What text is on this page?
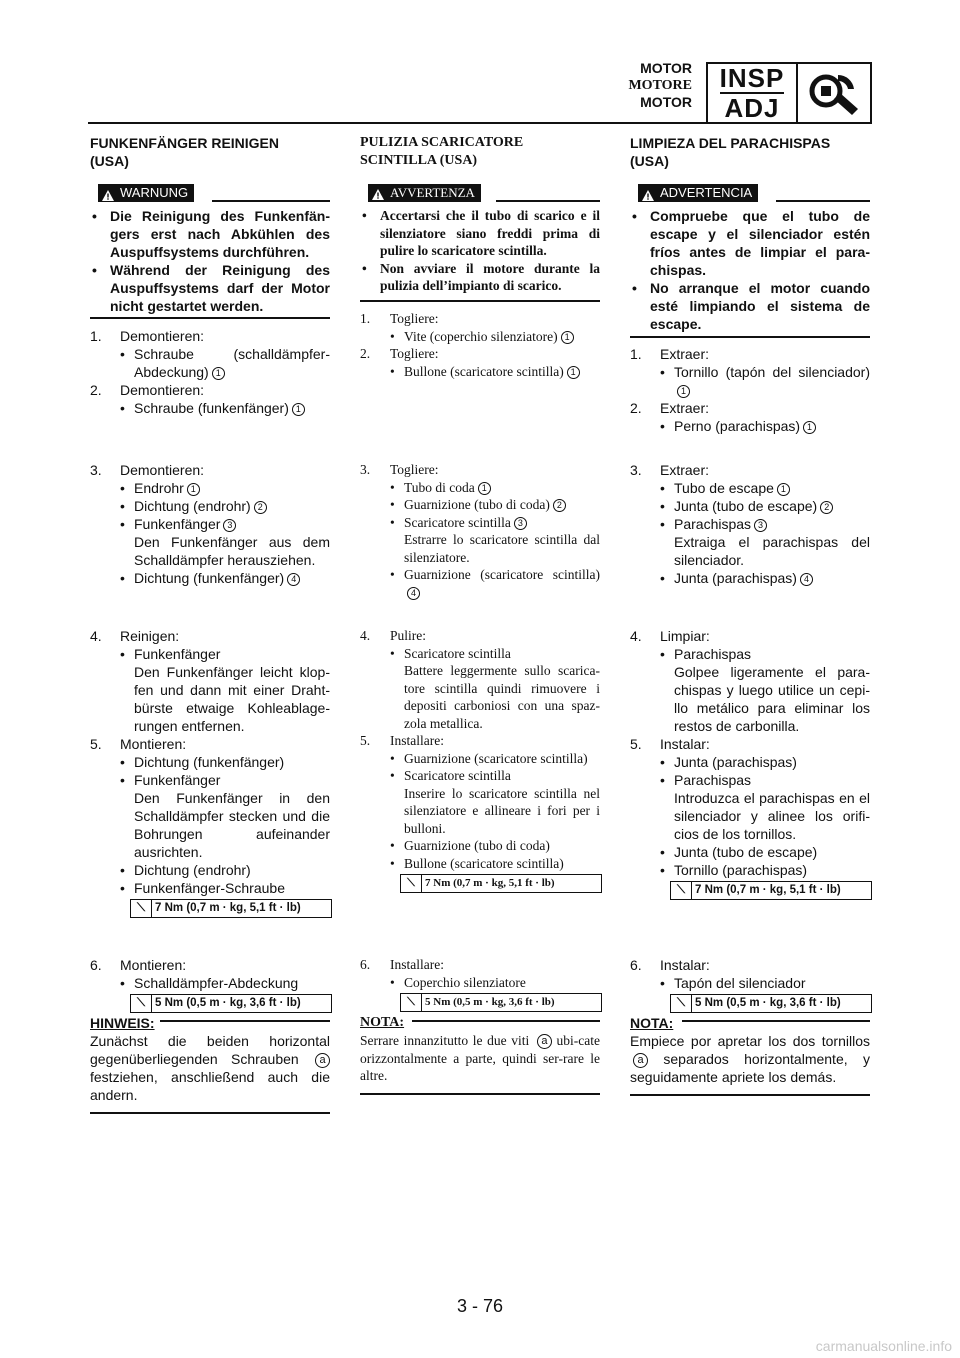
MOTOR
MOTORE
MOTOR
INSP
ADJ
FUNKENFÄNGER REINIGEN
(USA)
WARNUNG
• Die Reinigung des Funkenfän-gers erst nach Abkühlen des Auspuffsystems durchführen.
• Während der Reinigung des Auspuffsystems darf der Motor nicht gestartet werden.
1. Demontieren:
• Schraube (schalldämpfer-Abdeckung) 1
2. Demontieren:
• Schraube (funkenfänger) 1
3. Demontieren:
• Endrohr 1
• Dichtung (endrohr) 2
• Funkenfänger 3
Den Funkenfänger aus dem Schalldämpfer herausziehen.
• Dichtung (funkenfänger) 4
4. Reinigen:
• Funkenfänger
Den Funkenfänger leicht klop-fen und dann mit einer Draht-bürste etwaige Kohleablage-rungen entfernen.
5. Montieren:
• Dichtung (funkenfänger)
• Funkenfänger
Den Funkenfänger in den Schalldämpfer stecken und die Bohrungen aufeinander ausrichten.
• Dichtung (endrohr)
• Funkenfänger-Schraube
⟍ 7 Nm (0,7 m · kg, 5,1 ft · lb)
6. Montieren:
• Schalldämpfer-Abdeckung
⟍ 5 Nm (0,5 m · kg, 3,6 ft · lb)
HINWEIS:
Zunächst die beiden horizontal gegenüberliegenden Schrauben a festziehen, anschließend auch die andern.
PULIZIA SCARICATORE
SCINTILLA (USA)
AVVERTENZA
• Accertarsi che il tubo di scarico e il silenziatore siano freddi prima di pulire lo scaricatore scintilla.
• Non avviare il motore durante la pulizia dell’impianto di scarico.
1. Togliere:
• Vite (coperchio silenziatore) 1
2. Togliere:
• Bullone (scaricatore scintilla) 1
3. Togliere:
• Tubo di coda 1
• Guarnizione (tubo di coda) 2
• Scaricatore scintilla 3
Estrarre lo scaricatore scintilla dal silenziatore.
• Guarnizione (scaricatore scintilla)4
4. Pulire:
• Scaricatore scintilla
Battere leggermente sullo scarica-tore scintilla quindi rimuovere i depositi carboniosi con una spaz-zola metallica.
5. Installare:
• Guarnizione (scaricatore scintilla)
• Scaricatore scintilla
Inserire lo scaricatore scintilla nel silenziatore e allineare i fori per i bulloni.
• Guarnizione (tubo di coda)
• Bullone (scaricatore scintilla)
⟍ 7 Nm (0,7 m · kg, 5,1 ft · lb)
6. Installare:
• Coperchio silenziatore
⟍ 5 Nm (0,5 m · kg, 3,6 ft · lb)
NOTA:
Serrare innanzitutto le due viti a ubi-cate orizzontalmente a parte, quindi ser-rare le altre.
LIMPIEZA DEL PARACHISPAS
(USA)
ADVERTENCIA
• Compruebe que el tubo de escape y el silenciador estén fríos antes de limpiar el para-chispas.
• No arranque el motor cuando esté limpiando el sistema de escape.
1. Extraer:
• Tornillo (tapón del silenciador)1
2. Extraer:
• Perno (parachispas) 1
3. Extraer:
• Tubo de escape 1
• Junta (tubo de escape) 2
• Parachispas 3
Extraiga el parachispas del silenciador.
• Junta (parachispas) 4
4. Limpiar:
• Parachispas
Golpee ligeramente el para-chispas y luego utilice un cepi-llo metálico para eliminar los restos de carbonilla.
5. Instalar:
• Junta (parachispas)
• Parachispas
Introduzca el parachispas en el silenciador y alinee los orifi-cios de los tornillos.
• Junta (tubo de escape)
• Tornillo (parachispas)
⟍ 7 Nm (0,7 m · kg, 5,1 ft · lb)
6. Instalar:
• Tapón del silenciador
⟍ 5 Nm (0,5 m · kg, 3,6 ft · lb)
NOTA:
Empiece por apretar los dos tornillos a separados horizontalmente, y seguidamente apriete los demás.
3 - 76
carmanualsonline.info
